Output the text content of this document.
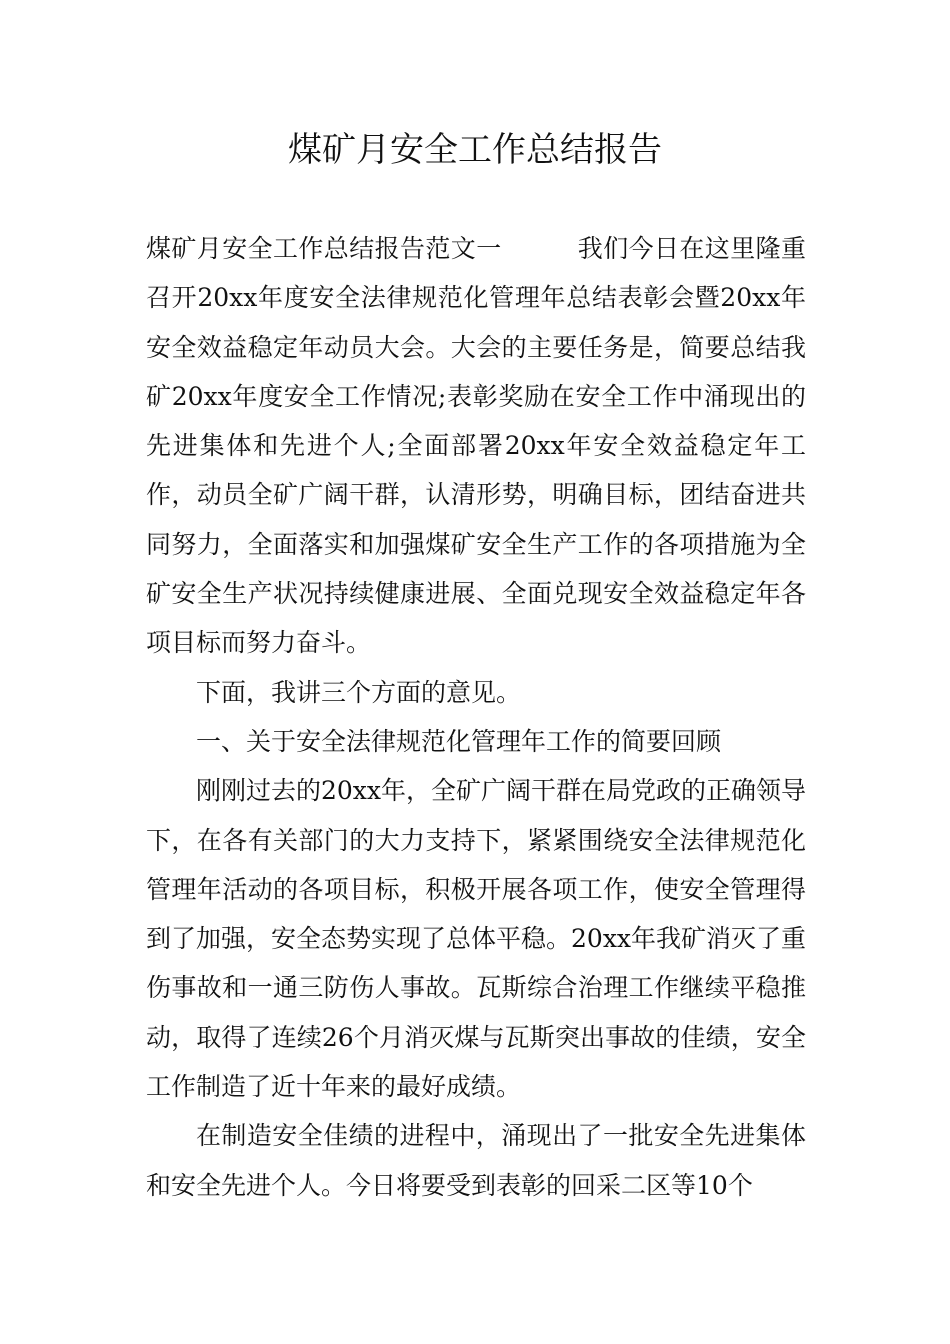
煤矿月安全工作总结报告

煤矿月安全工作总结报告范文一　　　我们今日在这里隆重召开20xx年度安全法律规范化管理年总结表彰会暨20xx年安全效益稳定年动员大会。大会的主要任务是，简要总结我矿20xx年度安全工作情况;表彰奖励在安全工作中涌现出的先进集体和先进个人;全面部署20xx年安全效益稳定年工作，动员全矿广阔干群，认清形势，明确目标，团结奋进共同努力，全面落实和加强煤矿安全生产工作的各项措施为全矿安全生产状况持续健康进展、全面兑现安全效益稳定年各项目标而努力奋斗。

下面，我讲三个方面的意见。

一、关于安全法律规范化管理年工作的简要回顾

刚刚过去的20xx年，全矿广阔干群在局党政的正确领导下，在各有关部门的大力支持下，紧紧围绕安全法律规范化管理年活动的各项目标，积极开展各项工作，使安全管理得到了加强，安全态势实现了总体平稳。20xx年我矿消灭了重伤事故和一通三防伤人事故。瓦斯综合治理工作继续平稳推动，取得了连续26个月消灭煤与瓦斯突出事故的佳绩，安全工作制造了近十年来的最好成绩。

在制造安全佳绩的进程中，涌现出了一批安全先进集体和安全先进个人。今日将要受到表彰的回采二区等10个
